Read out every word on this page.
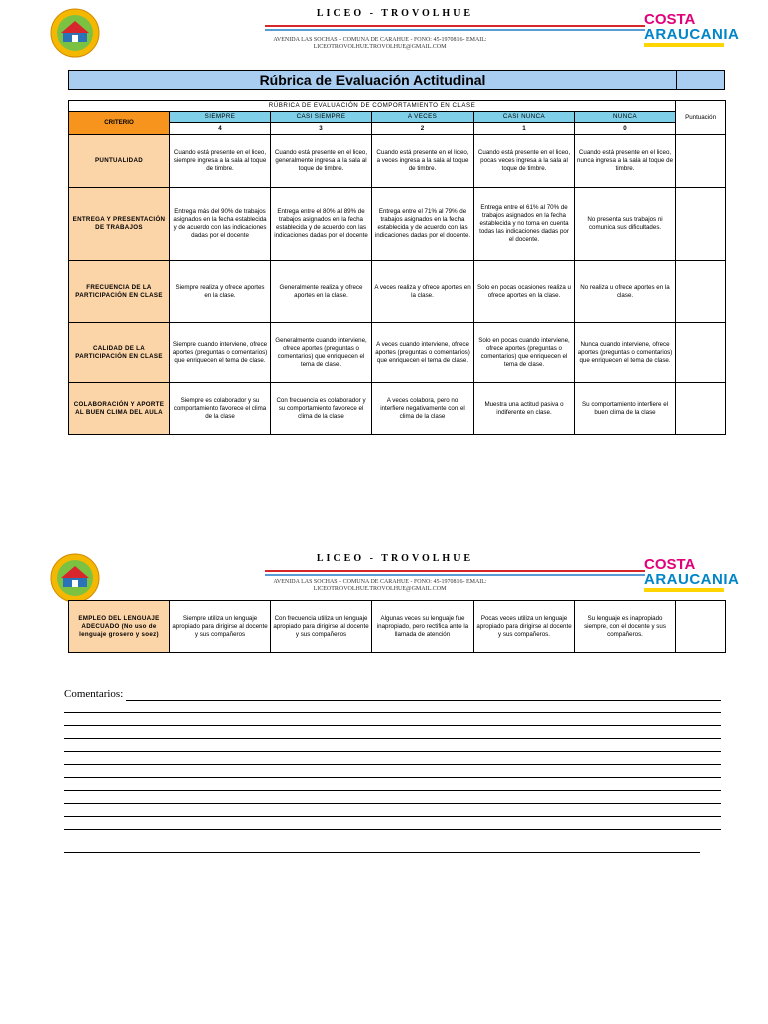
LICEO - TROVOLHUE
AVENIDA LAS SOCHAS - COMUNA DE CARAHUE - FONO: 45-1970816- EMAIL:
LICEOTROVOLHUE.TROVOLHUE@GMAIL.COM
COSTA
ARAUCANIA
Rúbrica de Evaluación Actitudinal
RÚBRICA DE EVALUACIÓN DE COMPORTAMIENTO EN CLASE						Puntuación
CRITERIO	SIEMPRE	CASI SIEMPRE	A VECES	CASI NUNCA	NUNCA	
	4	3	2	1	0	
PUNTUALIDAD	Cuando está presente en el liceo, siempre ingresa a la sala al toque de timbre.	Cuando está presente en el liceo, generalmente ingresa a la sala al toque de timbre.	Cuando está presente en el liceo, a veces ingresa a la sala al toque de timbre.	Cuando está presente en el liceo, pocas veces ingresa a la sala al toque de timbre.	Cuando está presente en el liceo, nunca ingresa a la sala al toque de timbre.	
ENTREGA Y PRESENTACIÓN DE TRABAJOS	Entrega más del 90% de trabajos asignados en la fecha establecida y de acuerdo con las indicaciones dadas por el docente	Entrega entre el 80% al 89% de trabajos asignados en la fecha establecida y de acuerdo con las indicaciones dadas por el docente	Entrega entre el 71% al 79% de trabajos asignados en la fecha establecida y de acuerdo con las indicaciones dadas por el docente.	Entrega entre el 61% al 70% de trabajos asignados en la fecha establecida y no toma en cuenta todas las indicaciones dadas por el docente.	No presenta sus trabajos ni comunica sus dificultades.	
FRECUENCIA DE LA PARTICIPACIÓN EN CLASE	Siempre realiza y ofrece aportes en la clase.	Generalmente realiza y ofrece aportes en la clase.	A veces realiza y ofrece aportes en la clase.	Solo en pocas ocasiones realiza u ofrece aportes en la clase.	No realiza u ofrece aportes en la clase.	
CALIDAD DE LA PARTICIPACIÓN EN CLASE	Siempre cuando interviene, ofrece aportes (preguntas o comentarios) que enriquecen el tema de clase.	Generalmente cuando interviene, ofrece aportes (preguntas o comentarios) que enriquecen el tema de clase.	A veces cuando interviene, ofrece aportes (preguntas o comentarios) que enriquecen el tema de clase.	Solo en pocas cuando interviene, ofrece aportes (preguntas o comentarios) que enriquecen el tema de clase.	Nunca cuando interviene, ofrece aportes (preguntas o comentarios) que enriquecen el tema de clase.	
COLABORACIÓN Y APORTE AL BUEN CLIMA DEL AULA	Siempre es colaborador y su comportamiento favorece el clima de la clase	Con frecuencia es colaborador y su comportamiento favorece el clima de la clase	A veces colabora, pero no interfiere negativamente con el clima de la clase	Muestra una actitud pasiva o indiferente en clase.	Su comportamiento interfiere el buen clima de la clase	
LICEO - TROVOLHUE
AVENIDA LAS SOCHAS - COMUNA DE CARAHUE - FONO: 45-1970816- EMAIL:
LICEOTROVOLHUE.TROVOLHUE@GMAIL.COM
COSTA
ARAUCANIA
EMPLEO DEL LENGUAJE ADECUADO (No uso de lenguaje grosero y soez)	Siempre utiliza un lenguaje apropiado para dirigirse al docente y sus compañeros	Con frecuencia utiliza un lenguaje apropiado para dirigirse al docente y sus compañeros	Algunas veces su lenguaje fue inapropiado, pero rectifica ante la llamada de atención	Pocas veces utiliza un lenguaje apropiado para dirigirse al docente y sus compañeros.	Su lenguaje es inapropiado siempre, con el docente y sus compañeros.	
Comentarios:
